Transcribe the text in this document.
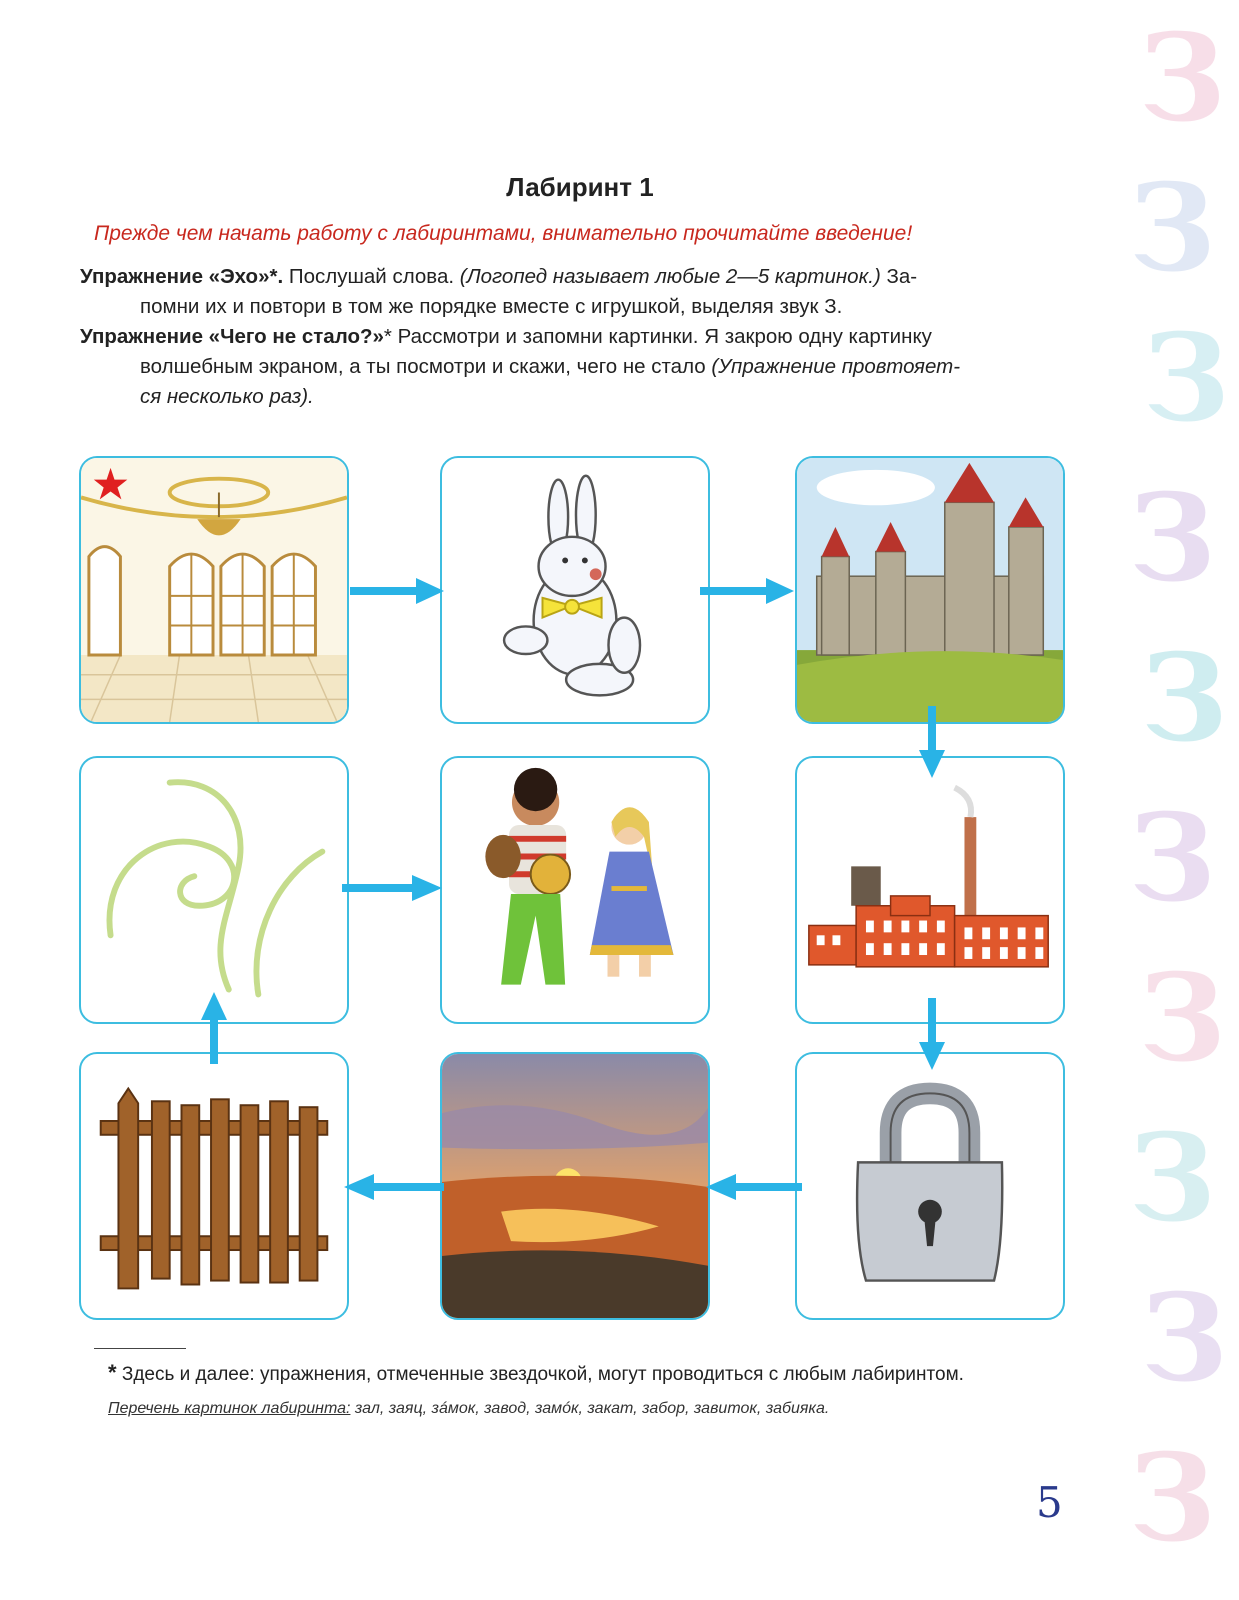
З
З
З
З
З
З
З
З
З
З
Лабиринт 1
Прежде чем начать работу с лабиринтами, внимательно прочитайте введение!
Упражнение «Эхо»*. Послушай слова. (Логопед называет любые 2—5 картинок.) За-
помни их и повтори в том же порядке вместе с игрушкой, выделяя звук З.
Упражнение «Чего не стало?»* Рассмотри и запомни картинки. Я закрою одну картинку
волшебным экраном, а ты посмотри и скажи, чего не стало (Упражнение провтояет-
ся несколько раз).
* Здесь и далее: упражнения, отмеченные звездочкой, могут проводиться с любым лабиринтом.
Перечень картинок лабиринта: зал, заяц, зáмок, завод, замóк, закат, забор, завиток, забияка.
5
